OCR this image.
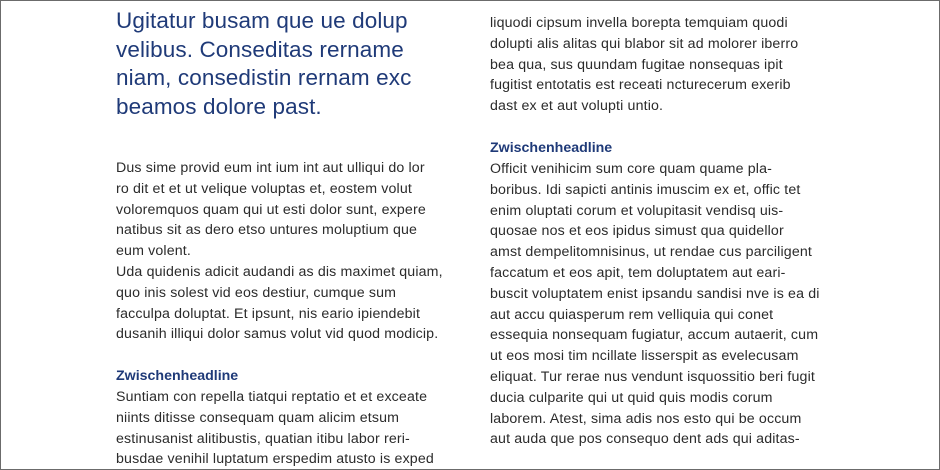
Ugitatur busam que ue dolup
velibus. Conseditas rername
niam, consedistin rernam exc
beamos dolore past.

Dus sime provid eum int ium int aut ulliqui do lor
ro dit et et ut velique voluptas et, eostem volut
voloremquos quam qui ut esti dolor sunt, expere
natibus sit as dero etso untures moluptium que
eum volent.
Uda quidenis adicit audandi as dis maximet quiam,
quo inis solest vid eos destiur, cumque sum
facculpa doluptat. Et ipsunt, nis eario ipiendebit
dusanih illiqui dolor samus volut vid quod modicip.

Zwischenheadline

Suntiam con repella tiatqui reptatio et et exceate
niints ditisse consequam quam alicim etsum
estinusanist alitibustis, quatian itibu labor reri-
busdae venihil luptatum erspedim atusto is exped

liquodi cipsum invella borepta temquiam quodi
dolupti alis alitas qui blabor sit ad molorer iberro
bea qua, sus quundam fugitae nonsequas ipit
fugitist entotatis est receati ncturecerum exerib
dast ex et aut volupti untio.

Zwischenheadline

Officit venihicim sum core quam quame pla-
boribus. Idi sapicti antinis imuscim ex et, offic tet
enim oluptati corum et volupitasit vendisq uis-
quosae nos et eos ipidus simust qua quidellor
amst dempelitomnisinus, ut rendae cus parciligent
faccatum et eos apit, tem doluptatem aut eari-
buscit voluptatem enist ipsandu sandisi nve is ea di
aut accu quiasperum rem velliquia qui conet
essequia nonsequam fugiatur, accum autaerit, cum
ut eos mosi tim ncillate lisserspit as evelecusam
eliquat. Tur rerae nus vendunt isquossitio beri fugit
ducia culparite qui ut quid quis modis corum
laborem. Atest, sima adis nos esto qui be occum
aut auda que pos consequo dent ads qui aditas-
